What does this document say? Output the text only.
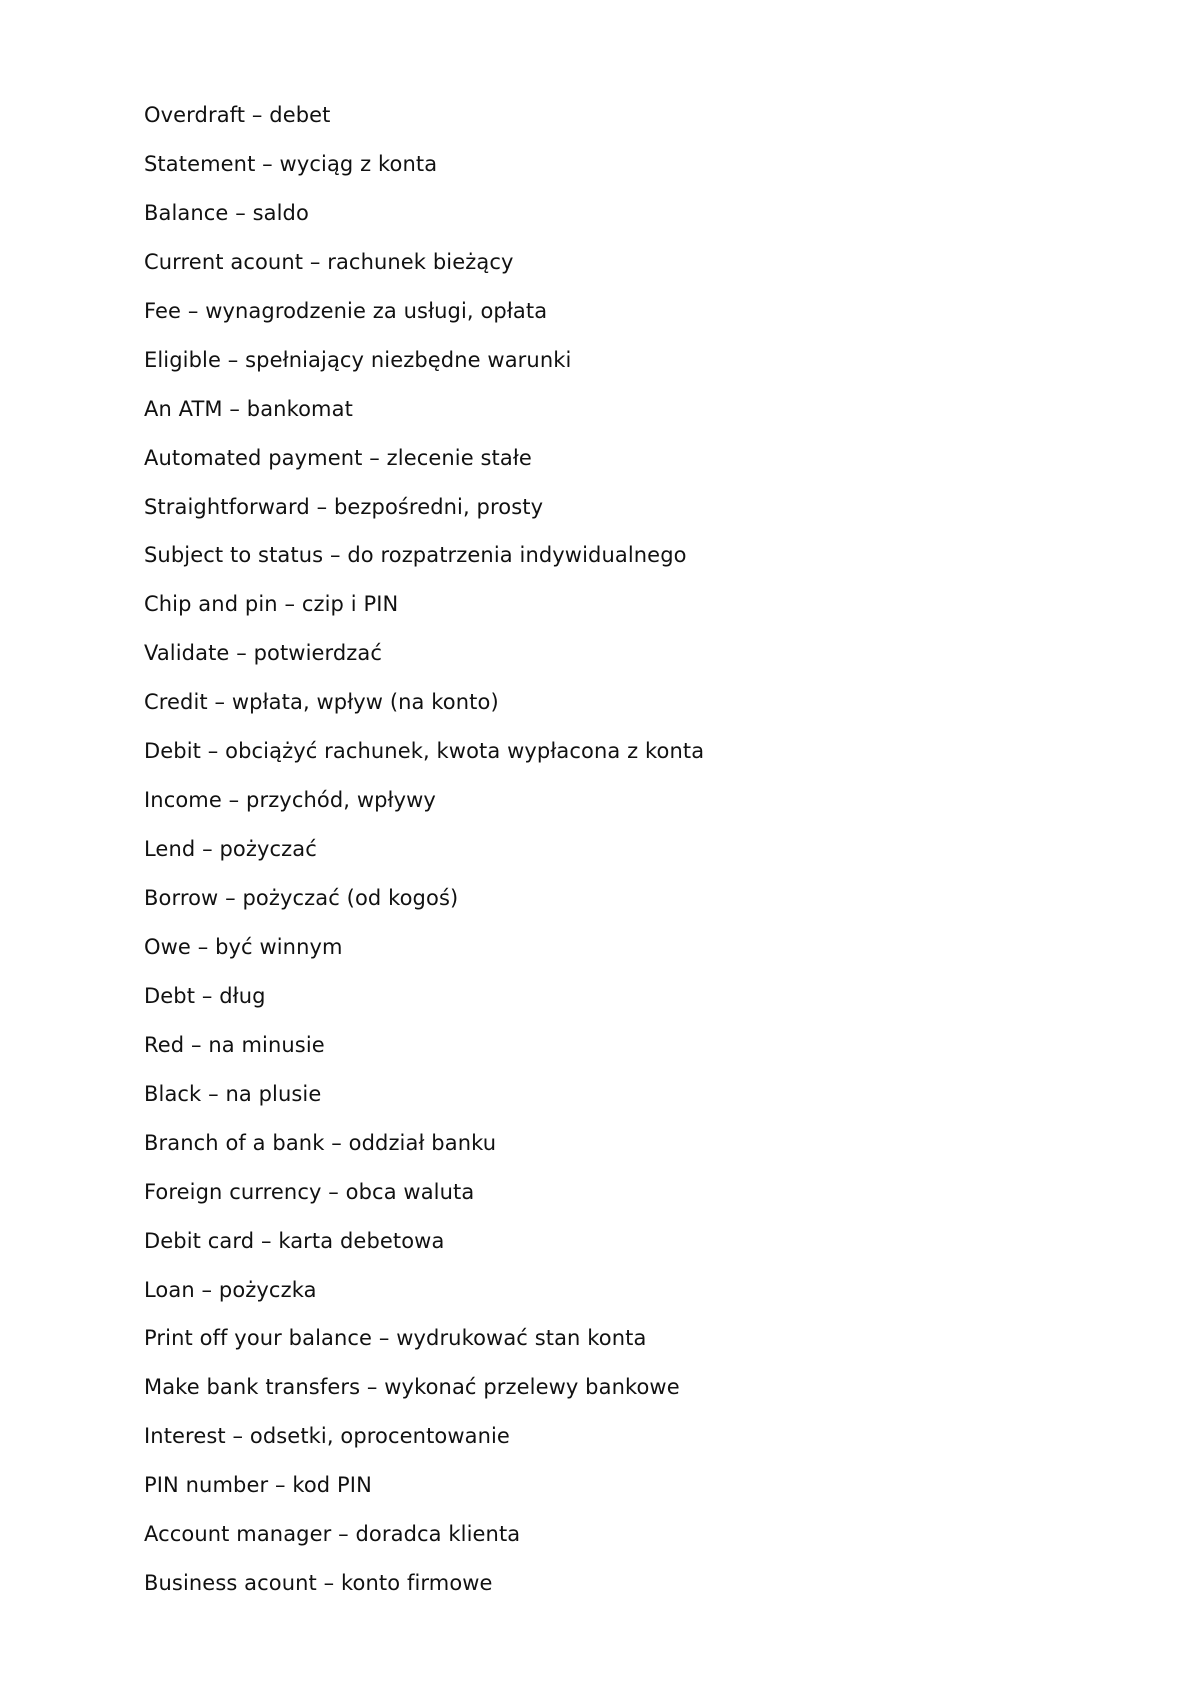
Overdraft – debet
Statement – wyciąg z konta
Balance – saldo
Current acount – rachunek bieżący
Fee – wynagrodzenie za usługi, opłata
Eligible – spełniający niezbędne warunki
An ATM – bankomat
Automated payment – zlecenie stałe
Straightforward – bezpośredni, prosty
Subject to status – do rozpatrzenia indywidualnego
Chip and pin – czip i PIN
Validate – potwierdzać
Credit – wpłata, wpływ (na konto)
Debit – obciążyć rachunek, kwota wypłacona z konta
Income – przychód, wpływy
Lend – pożyczać
Borrow – pożyczać (od kogoś)
Owe – być winnym
Debt – dług
Red – na minusie
Black – na plusie
Branch of a bank – oddział banku
Foreign currency – obca waluta
Debit card – karta debetowa
Loan – pożyczka
Print off your balance – wydrukować stan konta
Make bank transfers – wykonać przelewy bankowe
Interest – odsetki, oprocentowanie
PIN number – kod PIN
Account manager – doradca klienta
Business acount – konto firmowe
